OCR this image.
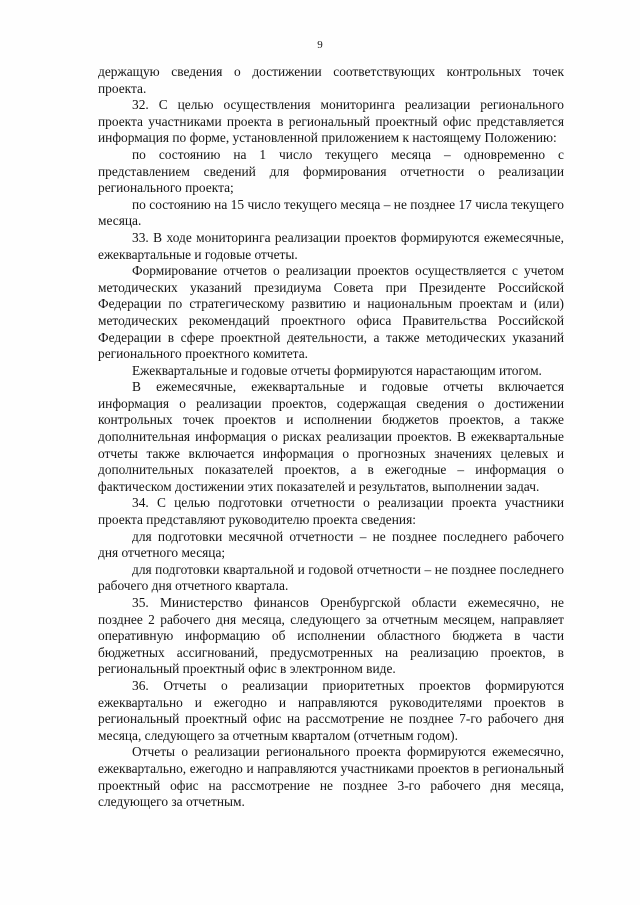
9

держащую сведения о достижении соответствующих контрольных точек проекта.

32. С целью осуществления мониторинга реализации регионального проекта участниками проекта в региональный проектный офис представляется информация по форме, установленной приложением к настоящему Положению:

по состоянию на 1 число текущего месяца – одновременно с представлением сведений для формирования отчетности о реализации регионального проекта;

по состоянию на 15 число текущего месяца – не позднее 17 числа текущего месяца.

33. В ходе мониторинга реализации проектов формируются ежемесячные, ежеквартальные и годовые отчеты.

Формирование отчетов о реализации проектов осуществляется с учетом методических указаний президиума Совета при Президенте Российской Федерации по стратегическому развитию и национальным проектам и (или) методических рекомендаций проектного офиса Правительства Российской Федерации в сфере проектной деятельности, а также методических указаний регионального проектного комитета.

Ежеквартальные и годовые отчеты формируются нарастающим итогом.

В ежемесячные, ежеквартальные и годовые отчеты включается информация о реализации проектов, содержащая сведения о достижении контрольных точек проектов и исполнении бюджетов проектов, а также дополнительная информация о рисках реализации проектов. В ежеквартальные отчеты также включается информация о прогнозных значениях целевых и дополнительных показателей проектов, а в ежегодные – информация о фактическом достижении этих показателей и результатов, выполнении задач.

34. С целью подготовки отчетности о реализации проекта участники проекта представляют руководителю проекта сведения:

для подготовки месячной отчетности – не позднее последнего рабочего дня отчетного месяца;

для подготовки квартальной и годовой отчетности – не позднее последнего рабочего дня отчетного квартала.

35. Министерство финансов Оренбургской области ежемесячно, не позднее 2 рабочего дня месяца, следующего за отчетным месяцем, направляет оперативную информацию об исполнении областного бюджета в части бюджетных ассигнований, предусмотренных на реализацию проектов, в региональный проектный офис в электронном виде.

36. Отчеты о реализации приоритетных проектов формируются ежеквартально и ежегодно и направляются руководителями проектов в региональный проектный офис на рассмотрение не позднее 7-го рабочего дня месяца, следующего за отчетным кварталом (отчетным годом).

Отчеты о реализации регионального проекта формируются ежемесячно, ежеквартально, ежегодно и направляются участниками проектов в региональный проектный офис на рассмотрение не позднее 3-го рабочего дня месяца, следующего за отчетным.
